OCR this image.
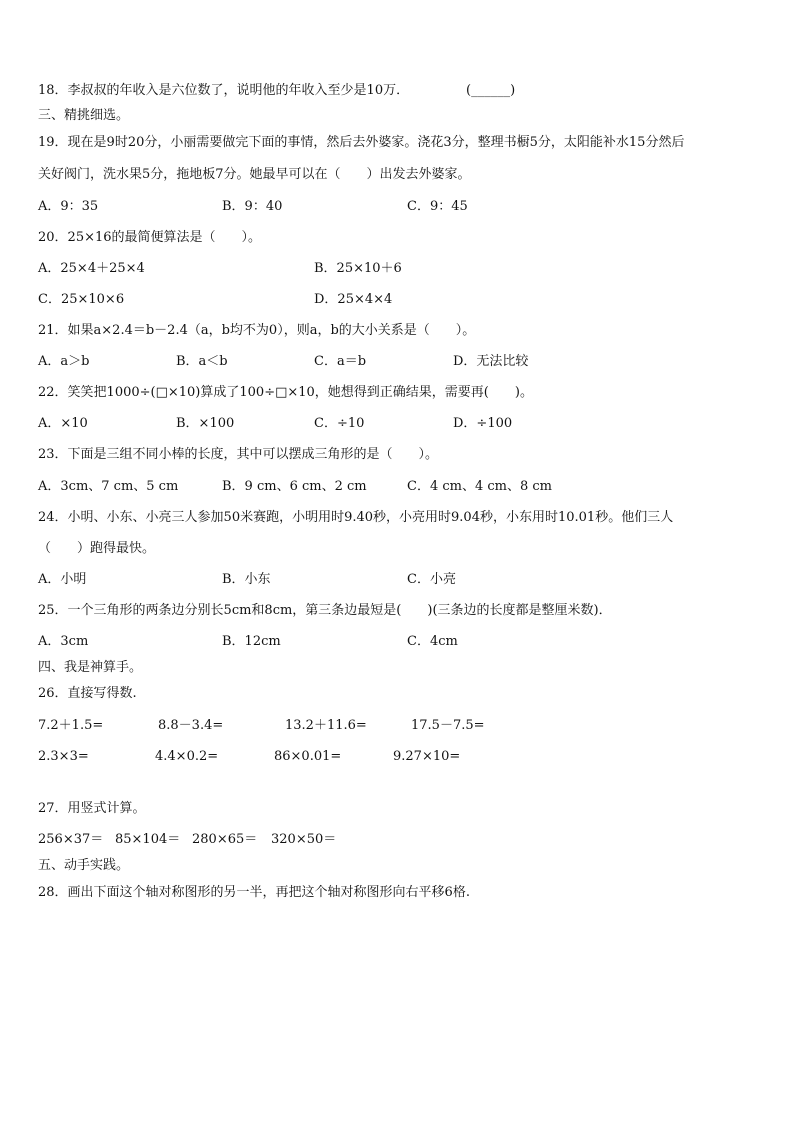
18．李叔叔的年收入是六位数了，说明他的年收入至少是10万．	(______)
三、精挑细选。
19．现在是9时20分，小丽需要做完下面的事情，然后去外婆家。浇花3分，整理书橱5分，太阳能补水15分然后
关好阀门，洗水果5分，拖地板7分。她最早可以在（　　）出发去外婆家。
A．9：35	B．9：40	C．9：45
20．25×16的最简便算法是（　　）。
A．25×4＋25×4	B．25×10＋6
C．25×10×6	D．25×4×4
21．如果a×2.4＝b－2.4（a，b均不为0），则a，b的大小关系是（　　）。
A．a＞b	B．a＜b	C．a＝b	D．无法比较
22．笑笑把1000÷(□×10)算成了100÷□×10，她想得到正确结果，需要再(　　)。
A．×10	B．×100	C．÷10	D．÷100
23．下面是三组不同小棒的长度，其中可以摆成三角形的是（　　）。
A．3cm、7 cm、5 cm	B．9 cm、6 cm、2 cm	C．4 cm、4 cm、8 cm
24．小明、小东、小亮三人参加50米赛跑，小明用时9.40秒，小亮用时9.04秒，小东用时10.01秒。他们三人
（　　）跑得最快。
A．小明	B．小东	C．小亮
25．一个三角形的两条边分别长5cm和8cm，第三条边最短是(　　)(三条边的长度都是整厘米数)．
A．3cm	B．12cm	C．4cm
四、我是神算手。
26．直接写得数.
7.2＋1.5=	8.8－3.4=	13.2＋11.6=	17.5－7.5=
2.3×3=	4.4×0.2=	86×0.01=	9.27×10=
27．用竖式计算。
256×37＝ 85×104＝ 280×65＝ 320×50＝
五、动手实践。
28．画出下面这个轴对称图形的另一半，再把这个轴对称图形向右平移6格.
